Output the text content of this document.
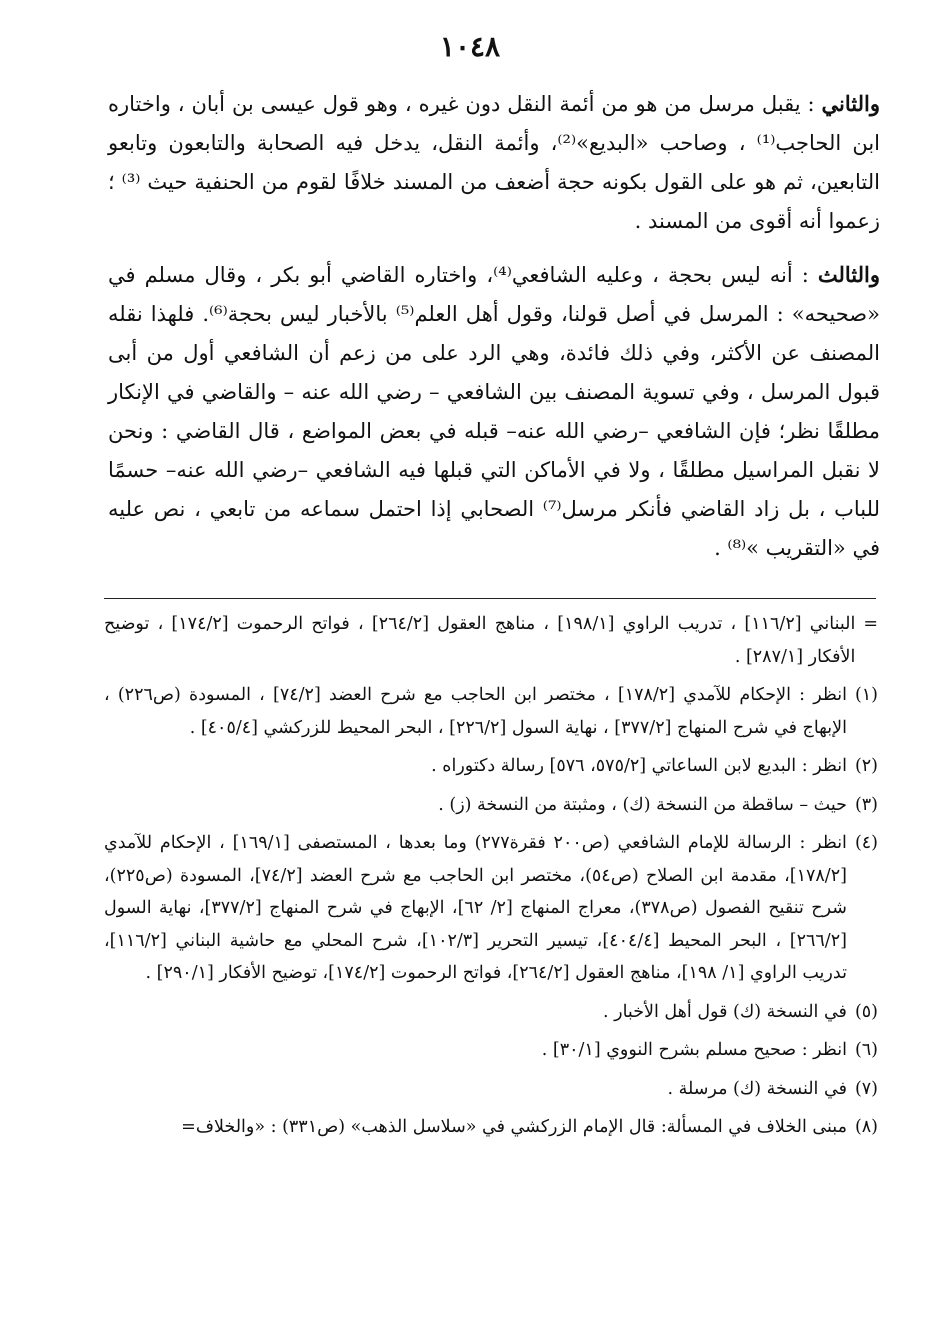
١٠٤٨

والثاني : يقبل مرسل من هو من أئمة النقل دون غيره ، وهو قول عيسى بن أبان ، واختاره ابن الحاجب⁽¹⁾ ، وصاحب «البديع»⁽²⁾، وأئمة النقل، يدخل فيه الصحابة والتابعون وتابعو التابعين، ثم هو على القول بكونه حجة أضعف من المسند خلافًا لقوم من الحنفية حيث ⁽³⁾ ؛ زعموا أنه أقوى من المسند .

والثالث : أنه ليس بحجة ، وعليه الشافعي⁽⁴⁾، واختاره القاضي أبو بكر ، وقال مسلم في «صحيحه» : المرسل في أصل قولنا، وقول أهل العلم⁽⁵⁾ بالأخبار ليس بحجة⁽⁶⁾. فلهذا نقله المصنف عن الأكثر، وفي ذلك فائدة، وهي الرد على من زعم أن الشافعي أول من أبى قبول المرسل ، وفي تسوية المصنف بين الشافعي – رضي الله عنه – والقاضي في الإنكار مطلقًا نظر؛ فإن الشافعي –رضي الله عنه– قبله في بعض المواضع ، قال القاضي : ونحن لا نقبل المراسيل مطلقًا ، ولا في الأماكن التي قبلها فيه الشافعي –رضي الله عنه– حسمًا للباب ، بل زاد القاضي فأنكر مرسل⁽⁷⁾ الصحابي إذا احتمل سماعه من تابعي ، نص عليه في «التقريب »⁽⁸⁾ .

=
البناني [١١٦/٢] ، تدريب الراوي [١٩٨/١] ، مناهج العقول [٢٦٤/٢] ، فواتح الرحموت [١٧٤/٢] ، توضيح الأفكار [٢٨٧/١] .
(١)
انظر : الإحكام للآمدي [١٧٨/٢] ، مختصر ابن الحاجب مع شرح العضد [٧٤/٢] ، المسودة (ص٢٢٦) ، الإبهاج في شرح المنهاج [٣٧٧/٢] ، نهاية السول [٢٢٦/٢] ، البحر المحيط للزركشي [٤٠٥/٤] .
(٢)
انظر : البديع لابن الساعاتي [٥٧٥/٢، ٥٧٦] رسالة دكتوراه .
(٣)
حيث – ساقطة من النسخة (ك) ، ومثبتة من النسخة (ز) .
(٤)
انظر : الرسالة للإمام الشافعي (ص٢٠٠ فقرة٢٧٧) وما بعدها ، المستصفى [١٦٩/١] ، الإحكام للآمدي [١٧٨/٢]، مقدمة ابن الصلاح (ص٥٤)، مختصر ابن الحاجب مع شرح العضد [٧٤/٢]، المسودة (ص٢٢٥)، شرح تنقيح الفصول (ص٣٧٨)، معراج المنهاج [٢/ ٦٢]، الإبهاج في شرح المنهاج [٣٧٧/٢]، نهاية السول [٢٦٦/٢] ، البحر المحيط [٤٠٤/٤]، تيسير التحرير [١٠٢/٣]، شرح المحلي مع حاشية البناني [١١٦/٢]، تدريب الراوي [١/ ١٩٨]، مناهج العقول [٢٦٤/٢]، فواتح الرحموت [١٧٤/٢]، توضيح الأفكار [٢٩٠/١] .
(٥)
في النسخة (ك) قول أهل الأخبار .
(٦)
انظر : صحيح مسلم بشرح النووي [٣٠/١] .
(٧)
في النسخة (ك) مرسلة .
(٨)
مبنى الخلاف في المسألة: قال الإمام الزركشي في «سلاسل الذهب» (ص٣٣١) : «والخلاف=
